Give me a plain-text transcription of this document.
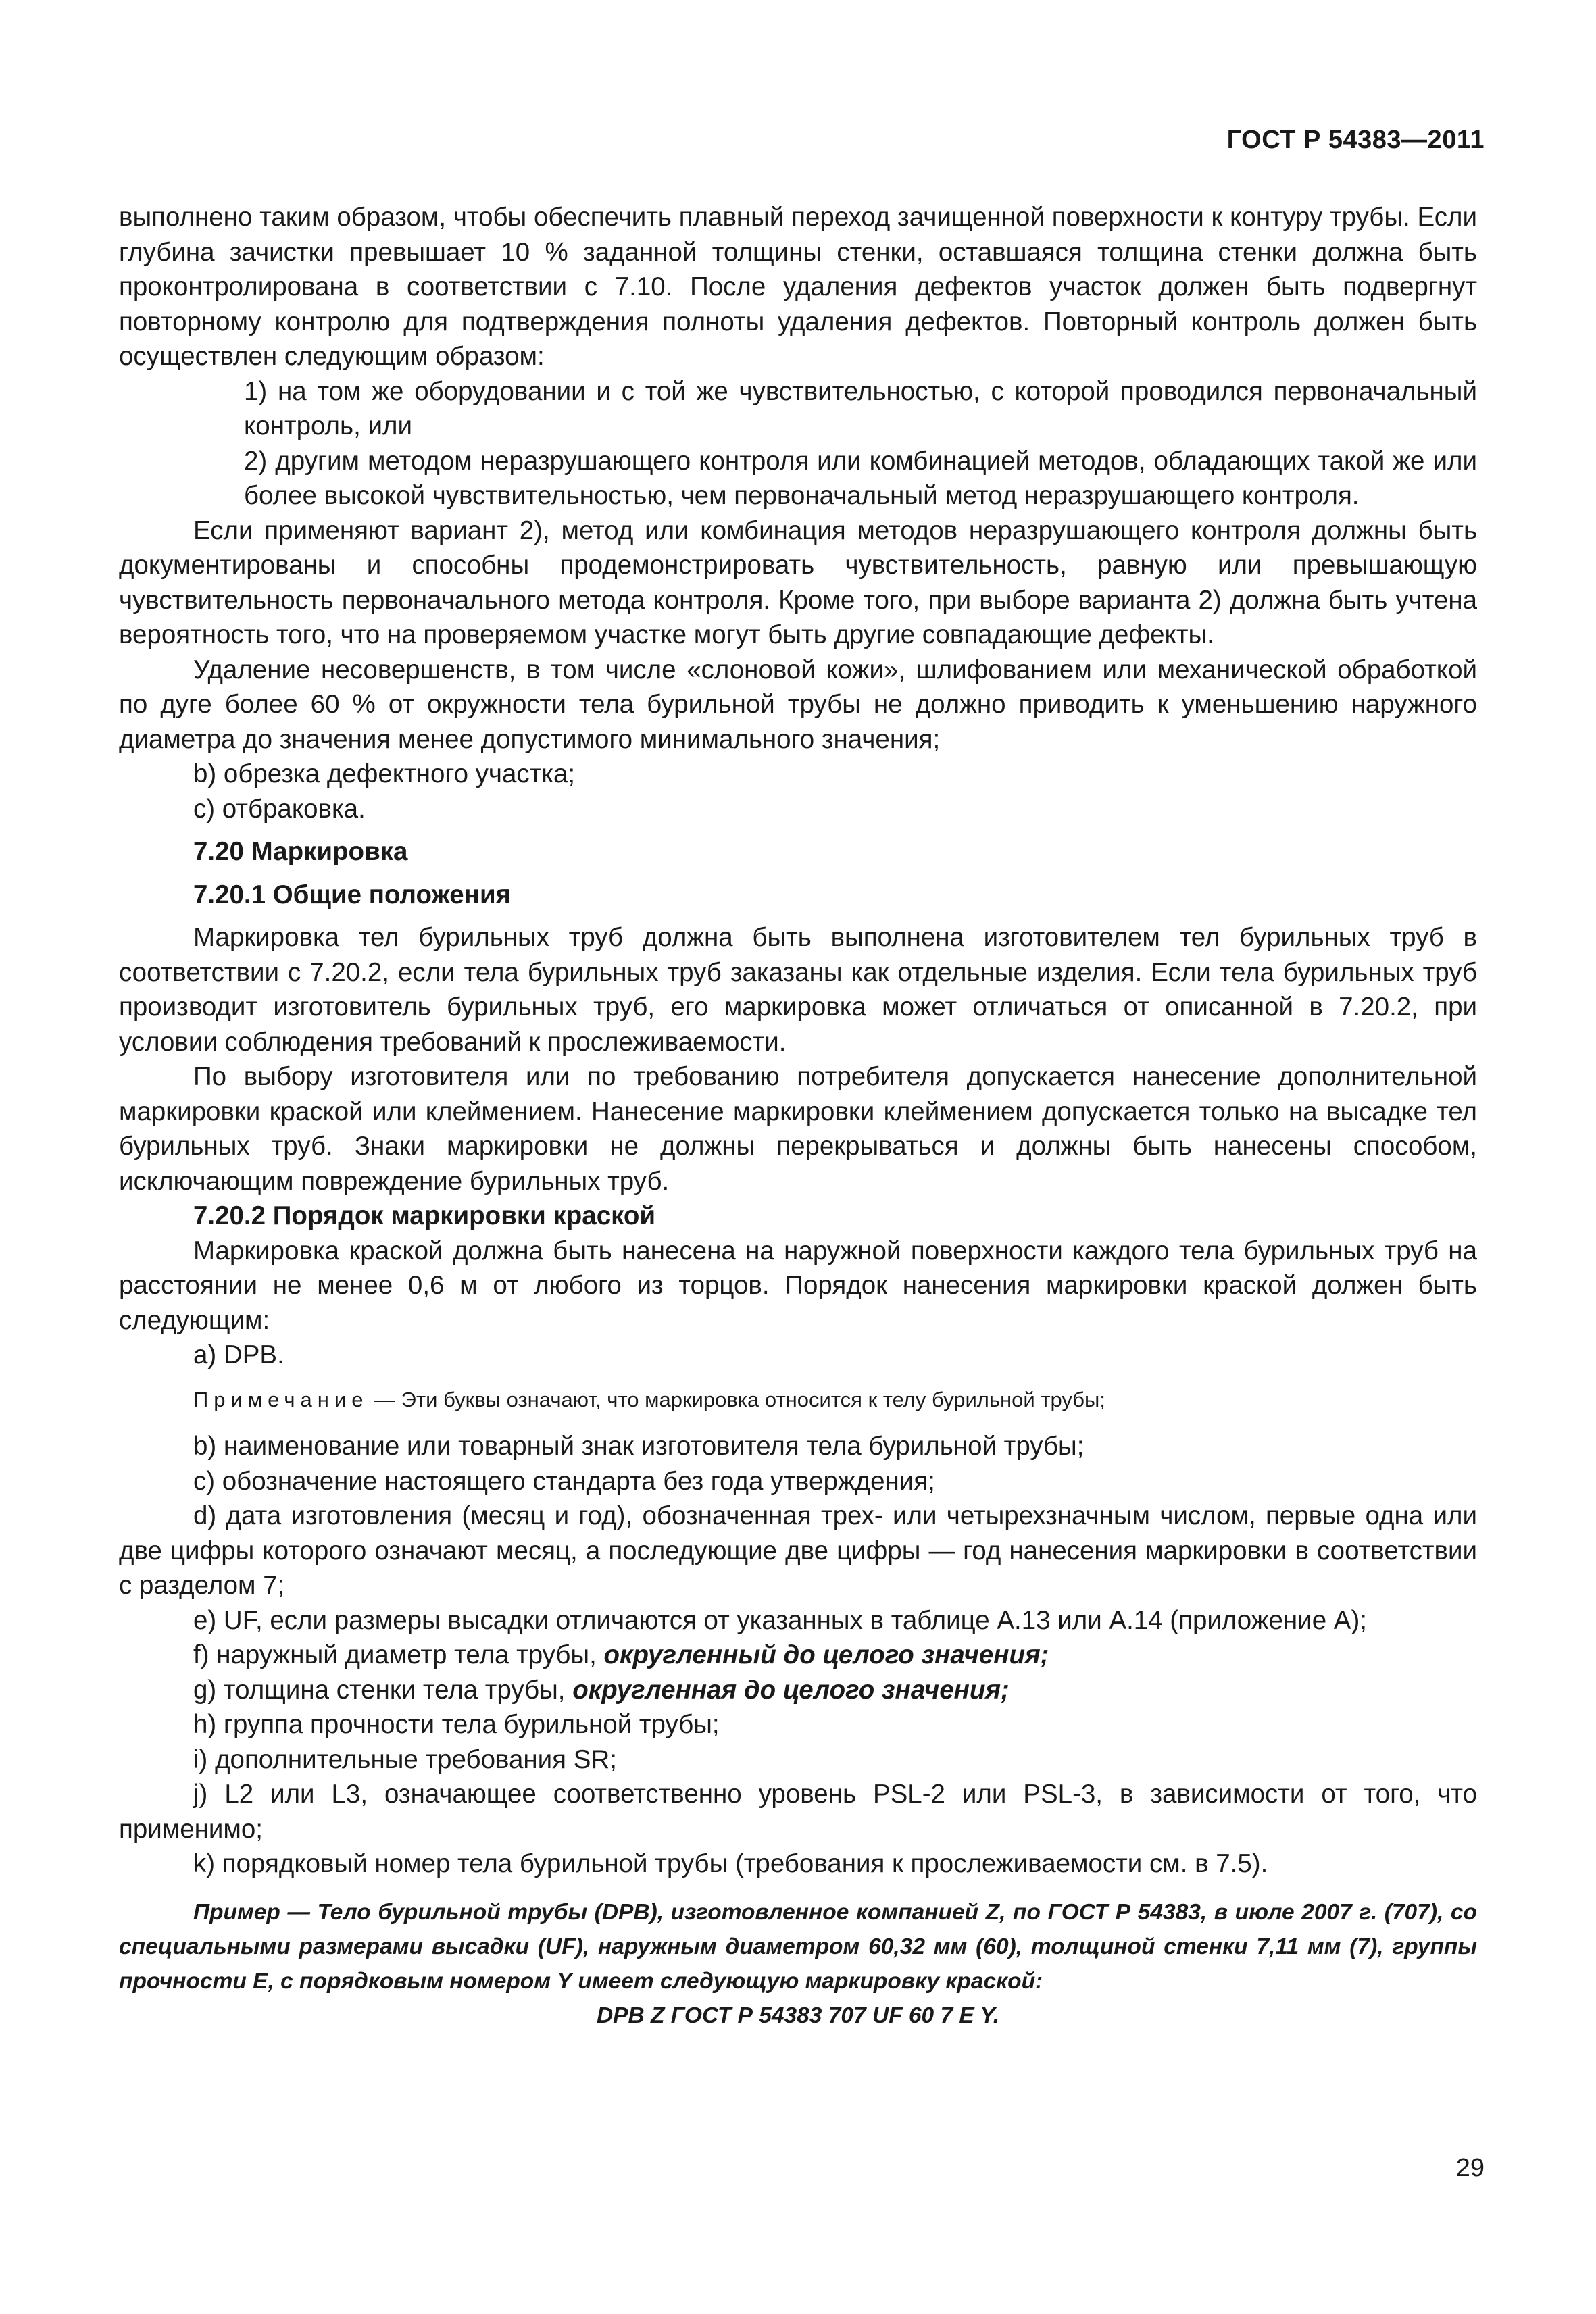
ГОСТ Р 54383—2011

выполнено таким образом, чтобы обеспечить плавный переход зачищенной поверхности к контуру трубы. Если глубина зачистки превышает 10 % заданной толщины стенки, оставшаяся толщина стенки должна быть проконтролирована в соответствии с 7.10. После удаления дефектов участок должен быть подвергнут повторному контролю для подтверждения полноты удаления дефектов. Повторный контроль должен быть осуществлен следующим образом:

1) на том же оборудовании и с той же чувствительностью, с которой проводился первоначальный контроль, или

2) другим методом неразрушающего контроля или комбинацией методов, обладающих такой же или более высокой чувствительностью, чем первоначальный метод неразрушающего контроля.

Если применяют вариант 2), метод или комбинация методов неразрушающего контроля должны быть документированы и способны продемонстрировать чувствительность, равную или превышающую чувствительность первоначального метода контроля. Кроме того, при выборе варианта 2) должна быть учтена вероятность того, что на проверяемом участке могут быть другие совпадающие дефекты.

Удаление несовершенств, в том числе «слоновой кожи», шлифованием или механической обработкой по дуге более 60 % от окружности тела бурильной трубы не должно приводить к уменьшению наружного диаметра до значения менее допустимого минимального значения;

b) обрезка дефектного участка;

c) отбраковка.

7.20 Маркировка

7.20.1 Общие положения

Маркировка тел бурильных труб должна быть выполнена изготовителем тел бурильных труб в соответствии с 7.20.2, если тела бурильных труб заказаны как отдельные изделия. Если тела бурильных труб производит изготовитель бурильных труб, его маркировка может отличаться от описанной в 7.20.2, при условии соблюдения требований к прослеживаемости.

По выбору изготовителя или по требованию потребителя допускается нанесение дополнительной маркировки краской или клеймением. Нанесение маркировки клеймением допускается только на высадке тел бурильных труб. Знаки маркировки не должны перекрываться и должны быть нанесены способом, исключающим повреждение бурильных труб.

7.20.2 Порядок маркировки краской

Маркировка краской должна быть нанесена на наружной поверхности каждого тела бурильных труб на расстоянии не менее 0,6 м от любого из торцов. Порядок нанесения маркировки краской должен быть следующим:

a) DPB.

Примечание — Эти буквы означают, что маркировка относится к телу бурильной трубы;

b) наименование или товарный знак изготовителя тела бурильной трубы;

c) обозначение настоящего стандарта без года утверждения;

d) дата изготовления (месяц и год), обозначенная трех- или четырехзначным числом, первые одна или две цифры которого означают месяц, а последующие две цифры — год нанесения маркировки в соответствии с разделом 7;

e) UF, если размеры высадки отличаются от указанных в таблице А.13 или А.14 (приложение А);

f) наружный диаметр тела трубы, округленный до целого значения;

g) толщина стенки тела трубы, округленная до целого значения;

h) группа прочности тела бурильной трубы;

i) дополнительные требования SR;

j) L2 или L3, означающее соответственно уровень PSL-2 или PSL-3, в зависимости от того, что применимо;

k) порядковый номер тела бурильной трубы (требования к прослеживаемости см. в 7.5).

Пример — Тело бурильной трубы (DPB), изготовленное компанией Z, по ГОСТ Р 54383, в июле 2007 г. (707), со специальными размерами высадки (UF), наружным диаметром 60,32 мм (60), толщиной стенки 7,11 мм (7), группы прочности Е, с порядковым номером Y имеет следующую маркировку краской:

DPB Z ГОСТ Р 54383 707 UF 60 7 E Y.

29
